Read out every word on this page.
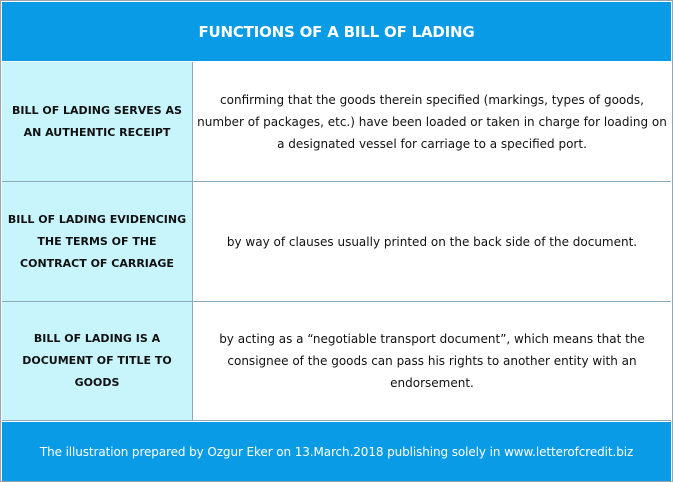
FUNCTIONS OF A BILL OF LADING
BILL OF LADING SERVES AS AN AUTHENTIC RECEIPT
confirming that the goods therein specified (markings, types of goods, number of packages, etc.) have been loaded or taken in charge for loading on a designated vessel for carriage to a specified port.
BILL OF LADING EVIDENCING THE TERMS OF THE CONTRACT OF CARRIAGE
by way of clauses usually printed on the back side of the document.
BILL OF LADING IS A DOCUMENT OF TITLE TO GOODS
by acting as a “negotiable transport document”, which means that the consignee of the goods can pass his rights to another entity with an endorsement.
The illustration prepared by Ozgur Eker on 13.March.2018 publishing solely in www.letterofcredit.biz
